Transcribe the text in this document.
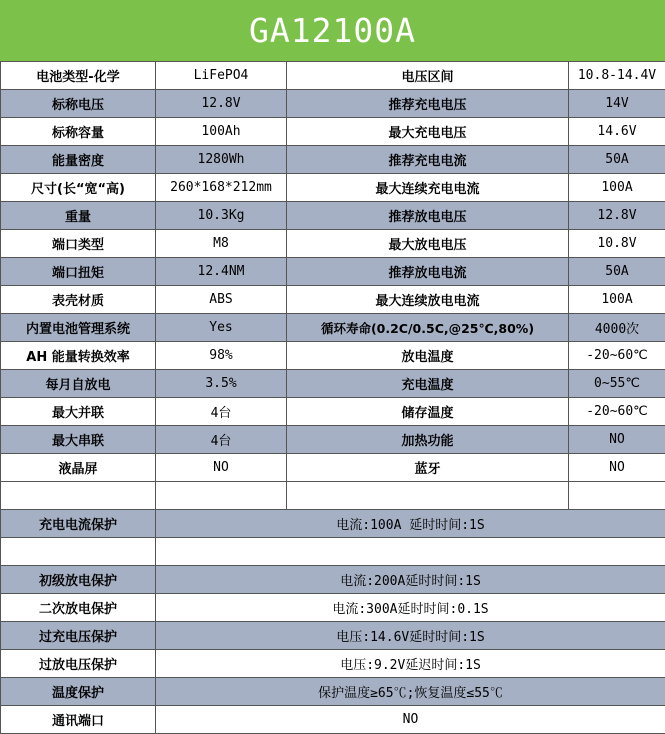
GA12100A
电池类型-化学	LiFePO4	电压区间	10.8-14.4V
标称电压	12.8V	推荐充电电压	14V
标称容量	100Ah	最大充电电压	14.6V
能量密度	1280Wh	推荐充电电流	50A
尺寸(长“宽“高)	260*168*212mm	最大连续充电电流	100A
重量	10.3Kg	推荐放电电压	12.8V
端口类型	M8	最大放电电压	10.8V
端口扭矩	12.4NM	推荐放电电流	50A
表壳材质	ABS	最大连续放电电流	100A
内置电池管理系统	Yes	循环寿命(0.2C/0.5C,@25℃,80%)	4000次
AH 能量转换效率	98%	放电温度	-20~60℃
每月自放电	3.5%	充电温度	0~55℃
最大并联	4台	储存温度	-20~60℃
最大串联	4台	加热功能	NO
液晶屏	NO	蓝牙	NO

充电电流保护	电流:100A 延时时间:1S		

初级放电保护	电流:200A延时时间:1S		
二次放电保护	电流:300A延时时间:0.1S		
过充电压保护	电压:14.6V延时时间:1S		
过放电压保护	电压:9.2V延迟时间:1S		
温度保护	保护温度≥65℃;恢复温度≤55℃		
通讯端口	NO		
